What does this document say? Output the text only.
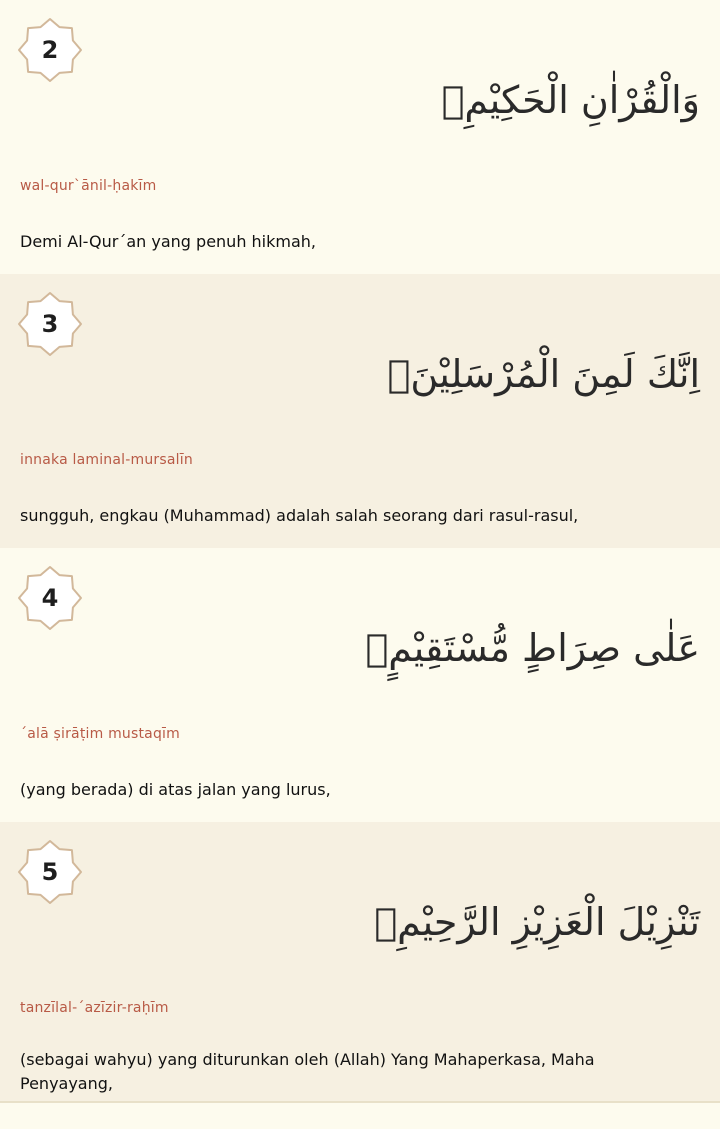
2
وَالْقُرْاٰنِ الْحَكِيْمِۙ
wal-qur`ānil-ḥakīm
Demi Al-Qur´an yang penuh hikmah,
3
اِنَّكَ لَمِنَ الْمُرْسَلِيْنَۙ
innaka laminal-mursalīn
sungguh, engkau (Muhammad) adalah salah seorang dari rasul-rasul,
4
عَلٰى صِرَاطٍ مُّسْتَقِيْمٍۗ
´alā ṣirāṭim mustaqīm
(yang berada) di atas jalan yang lurus,
5
تَنْزِيْلَ الْعَزِيْزِ الرَّحِيْمِۙ
tanzīlal-´azīzir-raḥīm
(sebagai wahyu) yang diturunkan oleh (Allah) Yang Mahaperkasa, Maha Penyayang,
